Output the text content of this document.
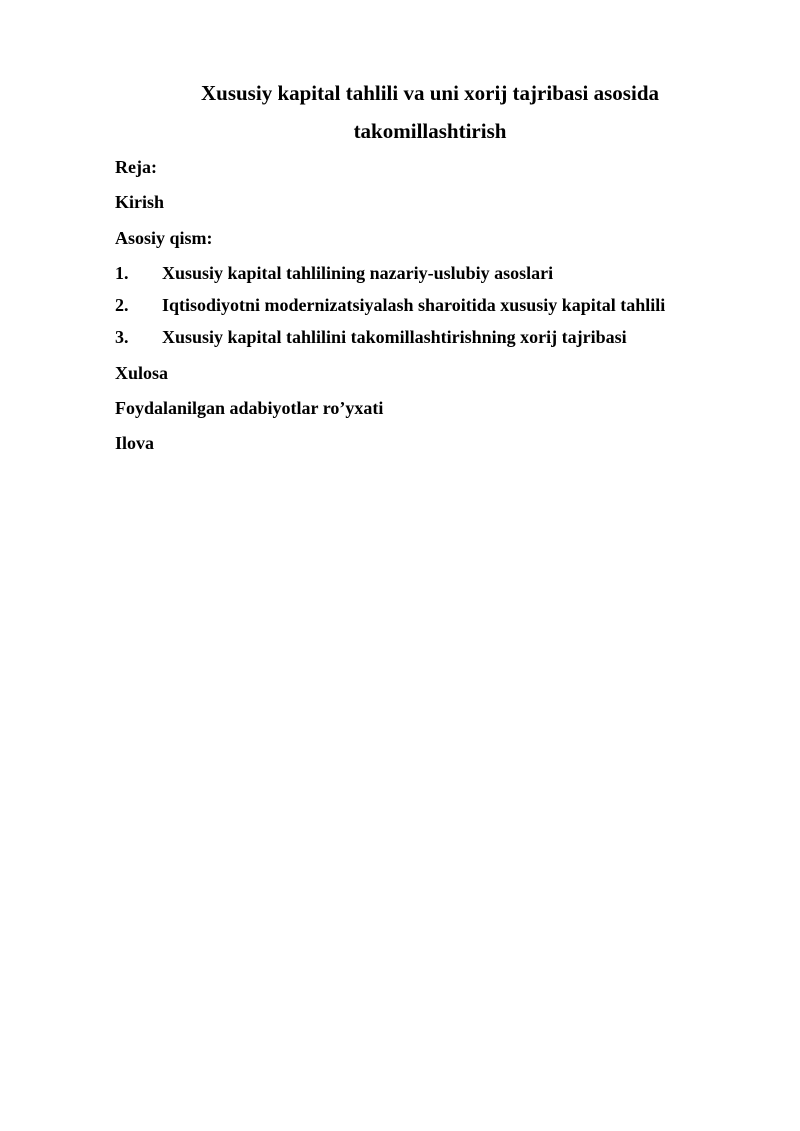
Xususiy kapital tahlili va uni xorij tajribasi asosida
takomillashtirish

Reja:

Kirish

Asosiy qism:

1. Xususiy kapital tahlilining nazariy-uslubiy asoslari

2. Iqtisodiyotni modernizatsiyalash sharoitida xususiy kapital tahlili

3. Xususiy kapital tahlilini takomillashtirishning xorij tajribasi

Xulosa

Foydalanilgan adabiyotlar ro’yxati

Ilova
